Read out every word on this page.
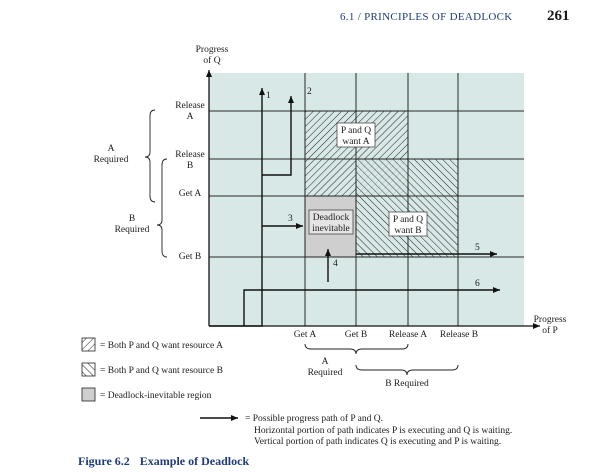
6.1 / PRINCIPLES OF DEADLOCK 261
P and Q
want A
P and Q
want B
Deadlock
inevitable
1	2
3
4
5
6
Progress
of Q
Release
A
Release
B
Get A
Get B
A
Required
B
Required
Get A	Get B Release A Release B
Progress
of P
A
Required
B Required
= Both P and Q want resource A
= Both P and Q want resource B
= Deadlock-inevitable region
= Possible progress path of P and Q.
Horizontal portion of path indicates P is executing and Q is waiting.
Vertical portion of path indicates Q is executing and P is waiting.
Figure 6.2 Example of Deadlock
